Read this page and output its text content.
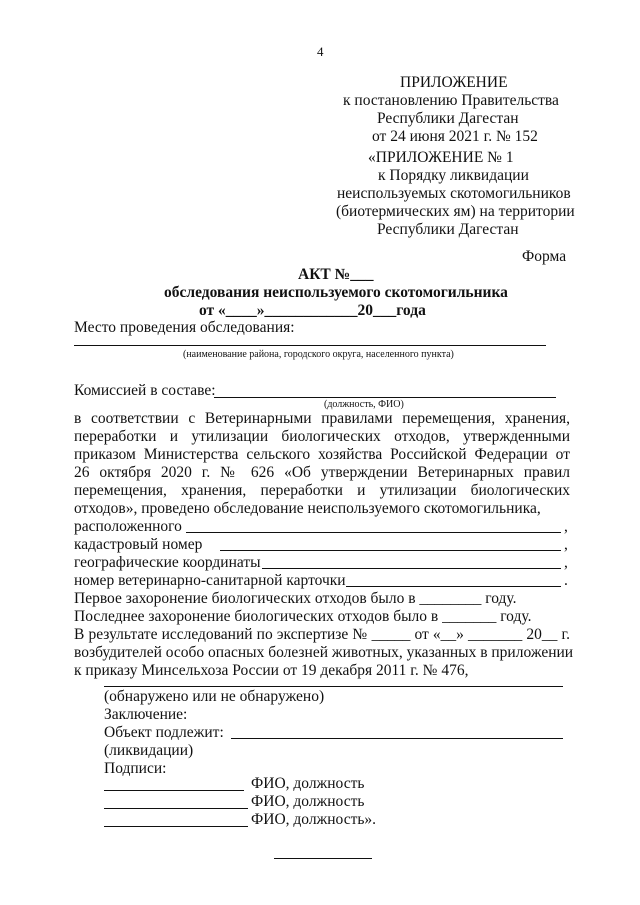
4
ПРИЛОЖЕНИЕ
к постановлению Правительства
Республики Дагестан
от 24 июня 2021 г. № 152
«ПРИЛОЖЕНИЕ № 1
к Порядку ликвидации
неиспользуемых скотомогильников
(биотермических ям) на территории
Республики Дагестан
Форма
АКТ №___
обследования неиспользуемого скотомогильника
от «____»____________20___года
Место проведения обследования:
(наименование района, городского округа, населенного пункта)
Комиссией в составе:
(должность, ФИО)
в соответствии с Ветеринарными правилами перемещения, хранения,
переработки и утилизации биологических отходов, утвержденными
приказом Министерства сельского хозяйства Российской Федерации от
26 октября 2020 г. № 626 «Об утверждении Ветеринарных правил
перемещения, хранения, переработки и утилизации биологических
отходов», проведено обследование неиспользуемого скотомогильника,
расположенного	,
кадастровый номер	,
географические координаты	,
номер ветеринарно-санитарной карточки	.
Первое захоронение биологических отходов было в ________ году.
Последнее захоронение биологических отходов было в _______ году.
В результате исследований по экспертизе № _____ от «__» _______ 20__ г.
возбудителей особо опасных болезней животных, указанных в приложении
к приказу Минсельхоза России от 19 декабря 2011 г. № 476,
(обнаружено или не обнаружено)
Заключение:
Объект подлежит:
(ликвидации)
Подписи:
ФИО, должность
ФИО, должность
ФИО, должность».
